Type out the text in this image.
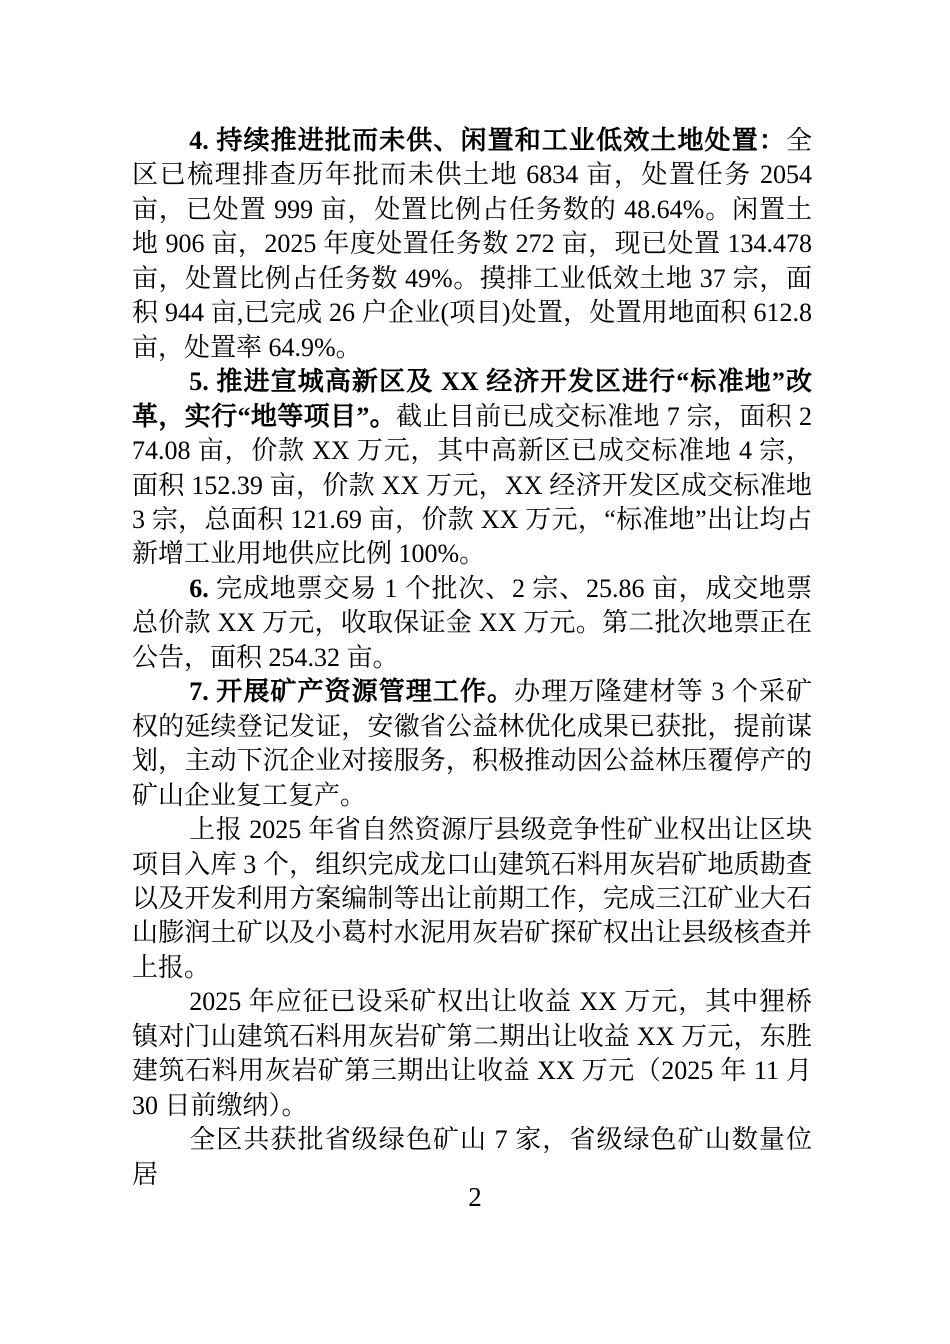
4. 持续推进批而未供、闲置和工业低效土地处置：全区已梳理排查历年批而未供土地 6834 亩，处置任务 2054 亩，已处置 999 亩，处置比例占任务数的 48.64%。闲置土地 906 亩，2025 年度处置任务数 272 亩，现已处置 134.478 亩，处置比例占任务数 49%。摸排工业低效土地 37 宗，面积 944 亩,已完成 26 户企业(项目)处置，处置用地面积 612.8 亩，处置率 64.9%。

5. 推进宣城高新区及 XX 经济开发区进行“标准地”改革，实行“地等项目”。截止目前已成交标准地 7 宗，面积 274.08 亩，价款 XX 万元，其中高新区已成交标准地 4 宗，面积 152.39 亩，价款 XX 万元，XX 经济开发区成交标准地 3 宗，总面积 121.69 亩，价款 XX 万元，“标准地”出让均占新增工业用地供应比例 100%。

6. 完成地票交易 1 个批次、2 宗、25.86 亩，成交地票总价款 XX 万元，收取保证金 XX 万元。第二批次地票正在公告，面积 254.32 亩。

7. 开展矿产资源管理工作。办理万隆建材等 3 个采矿权的延续登记发证，安徽省公益林优化成果已获批，提前谋划，主动下沉企业对接服务，积极推动因公益林压覆停产的矿山企业复工复产。

上报 2025 年省自然资源厅县级竞争性矿业权出让区块项目入库 3 个，组织完成龙口山建筑石料用灰岩矿地质勘查以及开发利用方案编制等出让前期工作，完成三江矿业大石山膨润土矿以及小葛村水泥用灰岩矿探矿权出让县级核查并上报。

2025 年应征已设采矿权出让收益 XX 万元，其中狸桥镇对门山建筑石料用灰岩矿第二期出让收益 XX 万元，东胜建筑石料用灰岩矿第三期出让收益 XX 万元（2025 年 11 月 30 日前缴纳）。

全区共获批省级绿色矿山 7 家，省级绿色矿山数量位居

2
